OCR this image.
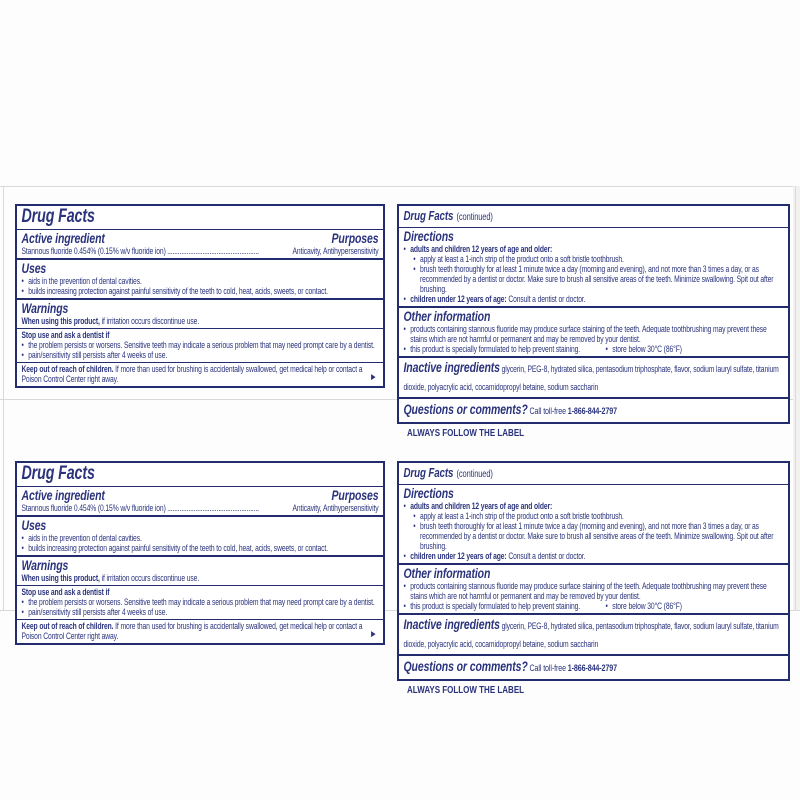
Drug Facts
Active ingredient	Purposes
Stannous fluoride 0.454% (0.15% w/v fluoride ion) ....................................................	Anticavity, Antihypersensitivity
Uses
• aids in the prevention of dental cavities.
• builds increasing protection against painful sensitivity of the teeth to cold, heat, acids, sweets, or contact.
Warnings
When using this product, if irritation occurs discontinue use.
Stop use and ask a dentist if
• the problem persists or worsens. Sensitive teeth may indicate a serious problem that may need prompt care by a dentist.
• pain/sensitivity still persists after 4 weeks of use.
Keep out of reach of children. If more than used for brushing is accidentally swallowed, get medical help or contact a Poison Control Center right away.	►
Drug Facts (continued)
Directions
• adults and children 12 years of age and older:
• apply at least a 1-inch strip of the product onto a soft bristle toothbrush.
• brush teeth thoroughly for at least 1 minute twice a day (morning and evening), and not more than 3 times a day, or as recommended by a dentist or doctor. Make sure to brush all sensitive areas of the teeth. Minimize swallowing. Spit out after brushing.
• children under 12 years of age: Consult a dentist or doctor.
Other information
• products containing stannous fluoride may produce surface staining of the teeth. Adequate toothbrushing may prevent these stains which are not harmful or permanent and may be removed by your dentist.
• this product is specially formulated to help prevent staining.	• store below 30°C (86°F)
Inactive ingredients glycerin, PEG-8, hydrated silica, pentasodium triphosphate, flavor, sodium lauryl sulfate, titanium dioxide, polyacrylic acid, cocamidopropyl betaine, sodium saccharin
Questions or comments? Call toll-free 1-866-844-2797
ALWAYS FOLLOW THE LABEL
Drug Facts
Active ingredient	Purposes
Stannous fluoride 0.454% (0.15% w/v fluoride ion) ....................................................	Anticavity, Antihypersensitivity
Uses
• aids in the prevention of dental cavities.
• builds increasing protection against painful sensitivity of the teeth to cold, heat, acids, sweets, or contact.
Warnings
When using this product, if irritation occurs discontinue use.
Stop use and ask a dentist if
• the problem persists or worsens. Sensitive teeth may indicate a serious problem that may need prompt care by a dentist.
• pain/sensitivity still persists after 4 weeks of use.
Keep out of reach of children. If more than used for brushing is accidentally swallowed, get medical help or contact a Poison Control Center right away.	►
Drug Facts (continued)
Directions
• adults and children 12 years of age and older:
• apply at least a 1-inch strip of the product onto a soft bristle toothbrush.
• brush teeth thoroughly for at least 1 minute twice a day (morning and evening), and not more than 3 times a day, or as recommended by a dentist or doctor. Make sure to brush all sensitive areas of the teeth. Minimize swallowing. Spit out after brushing.
• children under 12 years of age: Consult a dentist or doctor.
Other information
• products containing stannous fluoride may produce surface staining of the teeth. Adequate toothbrushing may prevent these stains which are not harmful or permanent and may be removed by your dentist.
• this product is specially formulated to help prevent staining.	• store below 30°C (86°F)
Inactive ingredients glycerin, PEG-8, hydrated silica, pentasodium triphosphate, flavor, sodium lauryl sulfate, titanium dioxide, polyacrylic acid, cocamidopropyl betaine, sodium saccharin
Questions or comments? Call toll-free 1-866-844-2797
ALWAYS FOLLOW THE LABEL
